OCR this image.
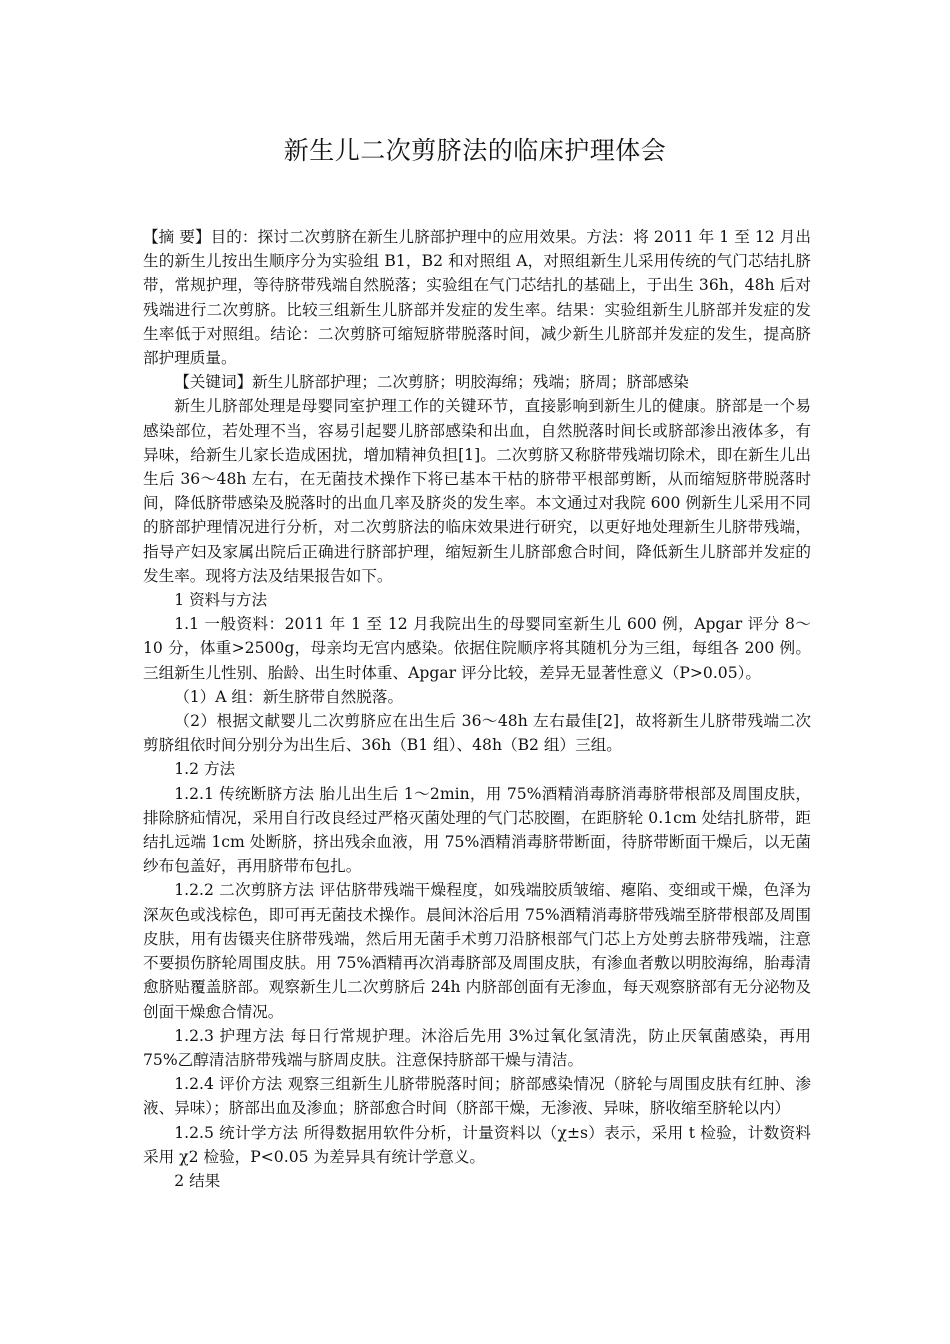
新生儿二次剪脐法的临床护理体会

【摘 要】目的：探讨二次剪脐在新生儿脐部护理中的应用效果。方法：将 2011 年 1 至 12 月出生的新生儿按出生顺序分为实验组 B1，B2 和对照组 A，对照组新生儿采用传统的气门芯结扎脐带，常规护理，等待脐带残端自然脱落；实验组在气门芯结扎的基础上，于出生 36h，48h 后对残端进行二次剪脐。比较三组新生儿脐部并发症的发生率。结果：实验组新生儿脐部并发症的发生率低于对照组。结论：二次剪脐可缩短脐带脱落时间，减少新生儿脐部并发症的发生，提高脐部护理质量。

【关键词】新生儿脐部护理；二次剪脐；明胶海绵；残端；脐周；脐部感染

新生儿脐部处理是母婴同室护理工作的关键环节，直接影响到新生儿的健康。脐部是一个易感染部位，若处理不当，容易引起婴儿脐部感染和出血，自然脱落时间长或脐部渗出液体多，有异味，给新生儿家长造成困扰，增加精神负担[1]。二次剪脐又称脐带残端切除术，即在新生儿出生后 36～48h 左右，在无菌技术操作下将已基本干枯的脐带平根部剪断，从而缩短脐带脱落时间，降低脐带感染及脱落时的出血几率及脐炎的发生率。本文通过对我院 600 例新生儿采用不同的脐部护理情况进行分析，对二次剪脐法的临床效果进行研究，以更好地处理新生儿脐带残端，指导产妇及家属出院后正确进行脐部护理，缩短新生儿脐部愈合时间，降低新生儿脐部并发症的发生率。现将方法及结果报告如下。

1 资料与方法

1.1 一般资料：2011 年 1 至 12 月我院出生的母婴同室新生儿 600 例，Apgar 评分 8～10 分，体重>2500g，母亲均无宫内感染。依据住院顺序将其随机分为三组，每组各 200 例。三组新生儿性别、胎龄、出生时体重、Apgar 评分比较，差异无显著性意义（P>0.05）。

（1）A 组：新生脐带自然脱落。

（2）根据文献婴儿二次剪脐应在出生后 36～48h 左右最佳[2]，故将新生儿脐带残端二次剪脐组依时间分别分为出生后、36h（B1 组）、48h（B2 组）三组。

1.2 方法

1.2.1 传统断脐方法 胎儿出生后 1～2min，用 75%酒精消毒脐消毒脐带根部及周围皮肤，排除脐疝情况，采用自行改良经过严格灭菌处理的气门芯胶圈，在距脐轮 0.1cm 处结扎脐带，距结扎远端 1cm 处断脐，挤出残余血液，用 75%酒精消毒脐带断面，待脐带断面干燥后，以无菌纱布包盖好，再用脐带布包扎。

1.2.2 二次剪脐方法 评估脐带残端干燥程度，如残端胶质皱缩、瘪陷、变细或干燥，色泽为深灰色或浅棕色，即可再无菌技术操作。晨间沐浴后用 75%酒精消毒脐带残端至脐带根部及周围皮肤，用有齿镊夹住脐带残端，然后用无菌手术剪刀沿脐根部气门芯上方处剪去脐带残端，注意不要损伤脐轮周围皮肤。用 75%酒精再次消毒脐部及周围皮肤，有渗血者敷以明胶海绵，胎毒清愈脐贴覆盖脐部。观察新生儿二次剪脐后 24h 内脐部创面有无渗血，每天观察脐部有无分泌物及创面干燥愈合情况。

1.2.3 护理方法 每日行常规护理。沐浴后先用 3%过氧化氢清洗，防止厌氧菌感染，再用 75%乙醇清洁脐带残端与脐周皮肤。注意保持脐部干燥与清洁。

1.2.4 评价方法 观察三组新生儿脐带脱落时间；脐部感染情况（脐轮与周围皮肤有红肿、渗液、异味）；脐部出血及渗血；脐部愈合时间（脐部干燥，无渗液、异味，脐收缩至脐轮以内）

1.2.5 统计学方法 所得数据用软件分析，计量资料以（χ±s）表示，采用 t 检验，计数资料采用 χ2 检验，P<0.05 为差异具有统计学意义。

2 结果
